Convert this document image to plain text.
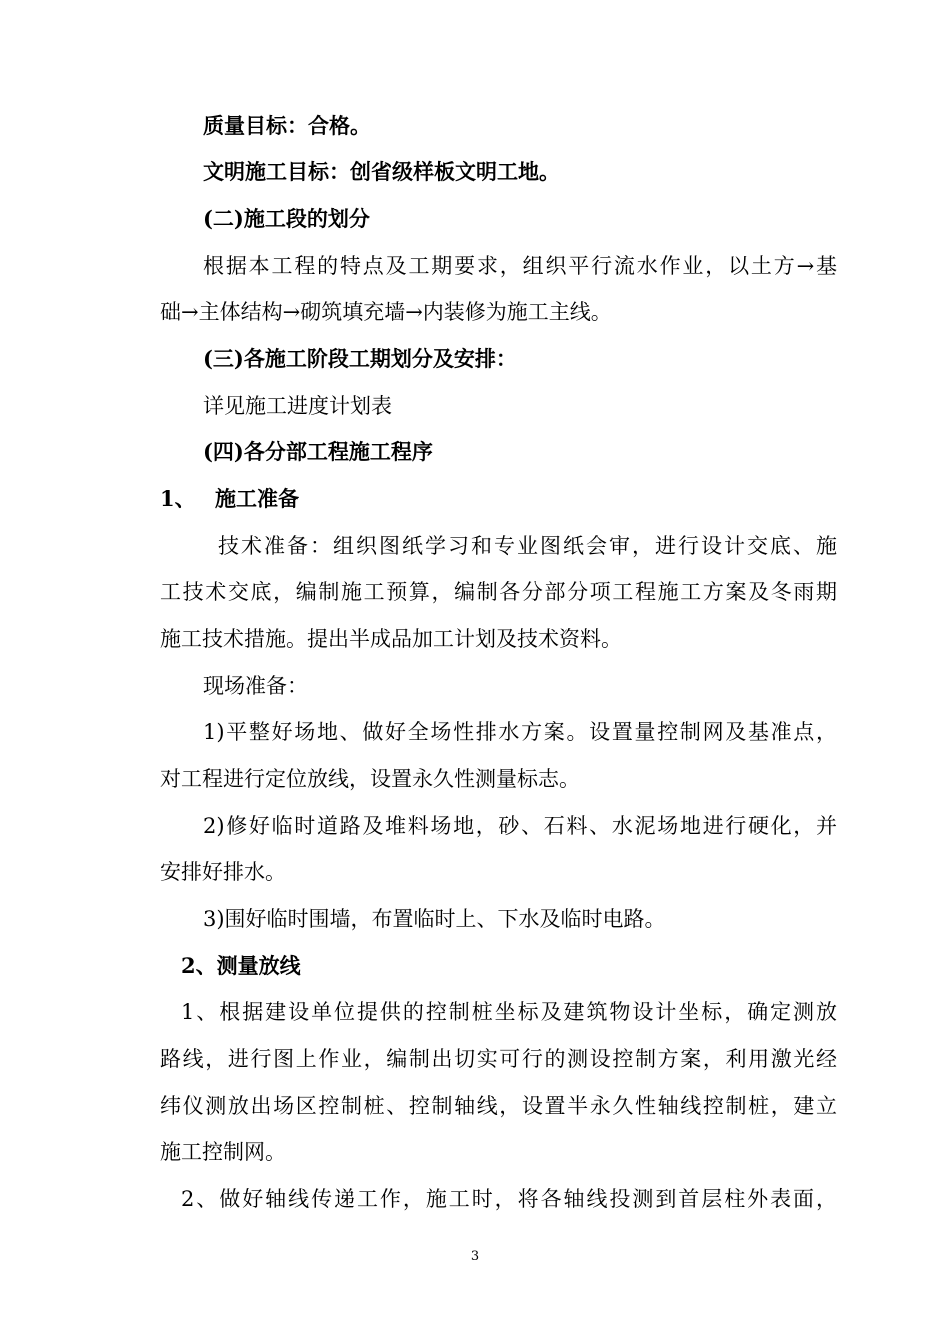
质量目标：合格。
文明施工目标：创省级样板文明工地。
(二)施工段的划分
根据本工程的特点及工期要求，组织平行流水作业，以土方→基
础→主体结构→砌筑填充墙→内装修为施工主线。
(三)各施工阶段工期划分及安排：
详见施工进度计划表
(四)各分部工程施工程序
1、 施工准备
技术准备：组织图纸学习和专业图纸会审，进行设计交底、施
工技术交底，编制施工预算，编制各分部分项工程施工方案及冬雨期
施工技术措施。提出半成品加工计划及技术资料。
现场准备：
1)平整好场地、做好全场性排水方案。设置量控制网及基准点，
对工程进行定位放线，设置永久性测量标志。
2)修好临时道路及堆料场地，砂、石料、水泥场地进行硬化，并
安排好排水。
3)围好临时围墙，布置临时上、下水及临时电路。
2、测量放线
1、根据建设单位提供的控制桩坐标及建筑物设计坐标，确定测放
路线，进行图上作业，编制出切实可行的测设控制方案，利用激光经
纬仪测放出场区控制桩、控制轴线，设置半永久性轴线控制桩，建立
施工控制网。
2、做好轴线传递工作，施工时，将各轴线投测到首层柱外表面，
3
